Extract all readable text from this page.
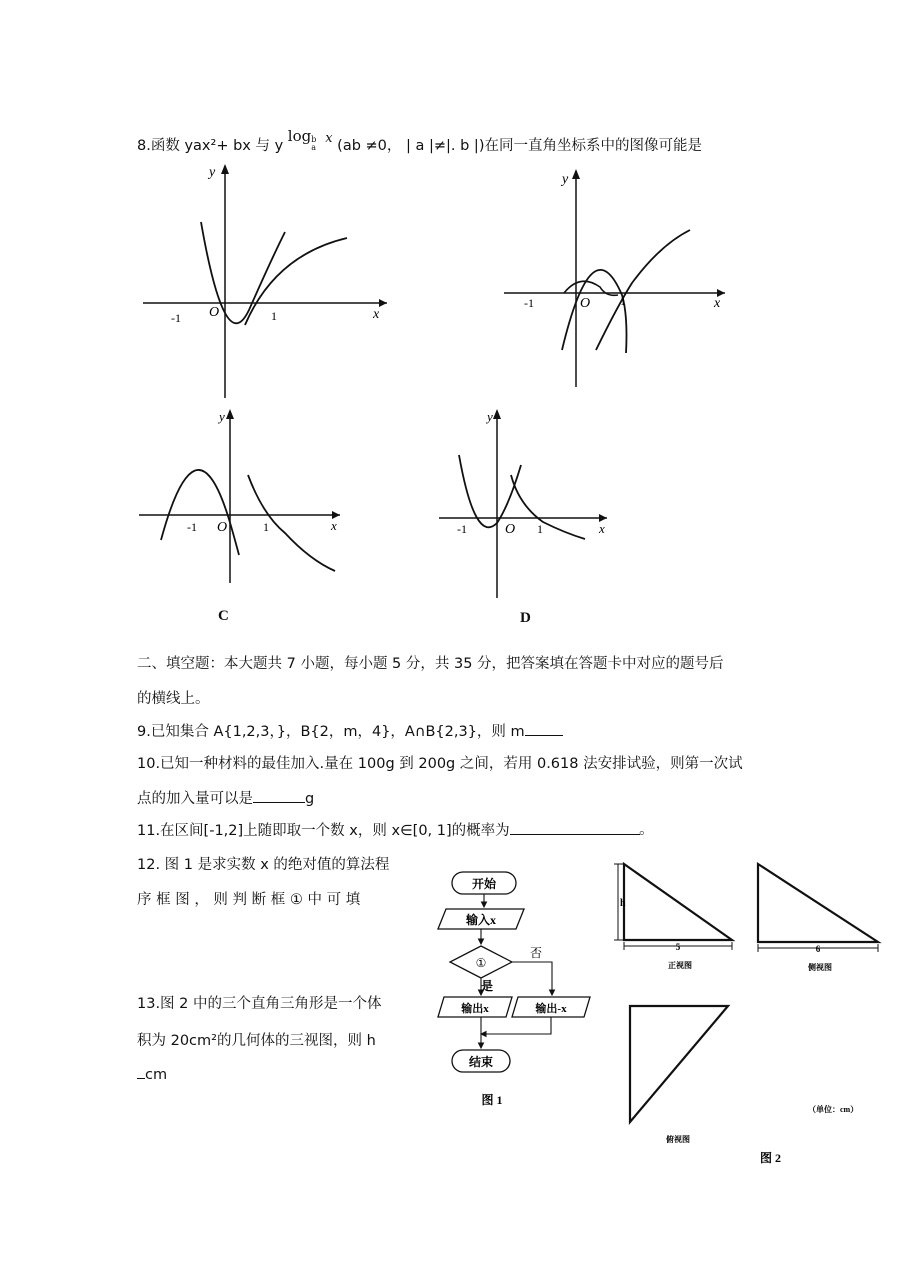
8.函数 yax²+ bx 与 y log b
a
x (ab ≠0， | a |≠|. b |)在同一直角坐标系中的图像可能是
y
x
-1 O	1
y
x
-1	O 1
y
x
-1 O	1
C
y
x
-1	O 1
D
二、填空题：本大题共 7 小题，每小题 5 分，共 35 分，把答案填在答题卡中对应的题号后
的横线上。
9.已知集合 A{1,2,3，}，B{2，m，4}，A∩B{2,3}，则 m
10.已知一种材料的最佳加入.量在 100g 到 200g 之间，若用 0.618 法安排试验，则第一次试
点的加入量可以是	g
11.在区间[-1,2]上随即取一个数 x，则 x∈[0, 1]的概率为	。
12. 图 1 是求实数 x 的绝对值的算法程
序 框 图 ， 则 判 断 框 ① 中 可 填
13.图 2 中的三个直角三角形是一个体
积为 20cm²的几何体的三视图，则 h
cm
开始
输入x
①
否
是
输出x	输出-x
结束
图 1
h
5
正视图
6
侧视图
俯视图
（单位：cm）
图 2
